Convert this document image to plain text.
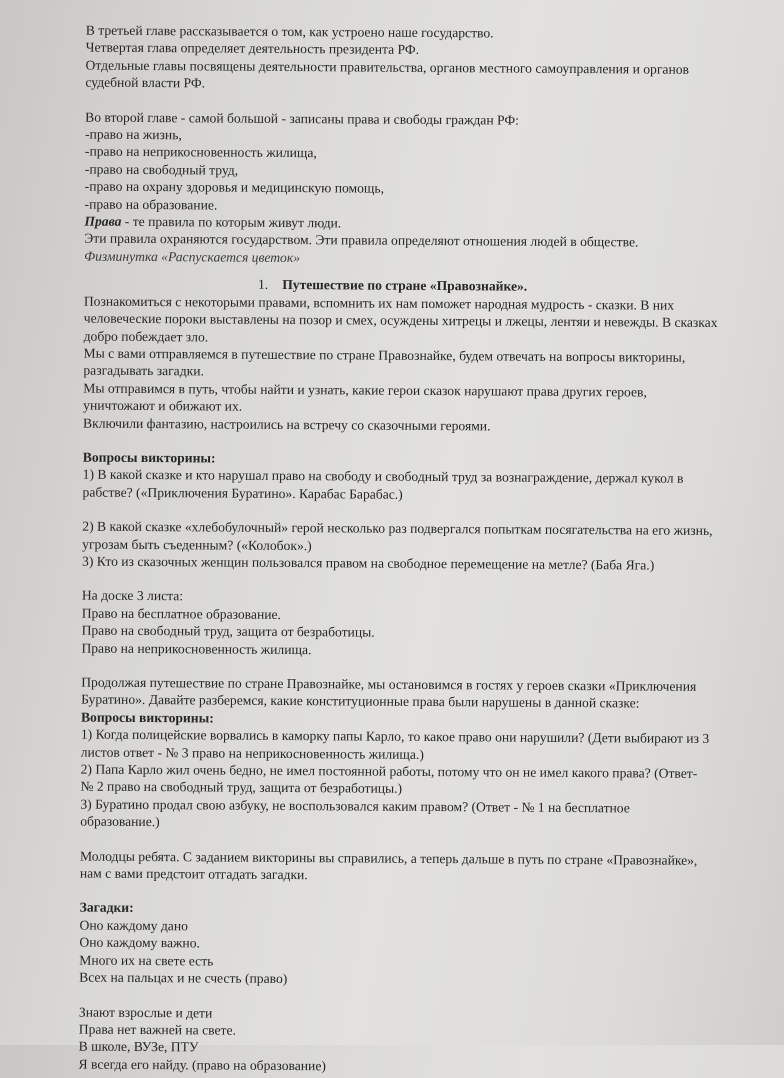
В третьей главе рассказывается о том, как устроено наше государство.
Четвертая глава определяет деятельность президента РФ.
Отдельные главы посвящены деятельности правительства, органов местного самоуправления и органов
судебной власти РФ.
Во второй главе - самой большой - записаны права и свободы граждан РФ:
-право на жизнь,
-право на неприкосновенность жилища,
-право на свободный труд,
-право на охрану здоровья и медицинскую помощь,
-право на образование.
Права - те правила по которым живут люди.
Эти правила охраняются государством. Эти правила определяют отношения людей в обществе.
Физминутка «Распускается цветок»
1. Путешествие по стране «Правознайке».
Познакомиться с некоторыми правами, вспомнить их нам поможет народная мудрость - сказки. В них
человеческие пороки выставлены на позор и смех, осуждены хитрецы и лжецы, лентяи и невежды. В сказках
добро побеждает зло.
Мы с вами отправляемся в путешествие по стране Правознайке, будем отвечать на вопросы викторины,
разгадывать загадки.
Мы отправимся в путь, чтобы найти и узнать, какие герои сказок нарушают права других героев,
уничтожают и обижают их.
Включили фантазию, настроились на встречу со сказочными героями.
Вопросы викторины:
1) В какой сказке и кто нарушал право на свободу и свободный труд за вознаграждение, держал кукол в
рабстве? («Приключения Буратино». Карабас Барабас.)
2) В какой сказке «хлебобулочный» герой несколько раз подвергался попыткам посягательства на его жизнь,
угрозам быть съеденным? («Колобок».)
3) Кто из сказочных женщин пользовался правом на свободное перемещение на метле? (Баба Яга.)
На доске 3 листа:
Право на бесплатное образование.
Право на свободный труд, защита от безработицы.
Право на неприкосновенность жилища.
Продолжая путешествие по стране Правознайке, мы остановимся в гостях у героев сказки «Приключения
Буратино». Давайте разберемся, какие конституционные права были нарушены в данной сказке:
Вопросы викторины:
1) Когда полицейские ворвались в каморку папы Карло, то какое право они нарушили? (Дети выбирают из 3
листов ответ - № 3 право на неприкосновенность жилища.)
2) Папа Карло жил очень бедно, не имел постоянной работы, потому что он не имел какого права? (Ответ-
№ 2 право на свободный труд, защита от безработицы.)
3) Буратино продал свою азбуку, не воспользовался каким правом? (Ответ - № 1 на бесплатное
образование.)
Молодцы ребята. С заданием викторины вы справились, а теперь дальше в путь по стране «Правознайке»,
нам с вами предстоит отгадать загадки.
Загадки:
Оно каждому дано
Оно каждому важно.
Много их на свете есть
Всех на пальцах и не счесть (право)
Знают взрослые и дети
Права нет важней на свете.
В школе, ВУЗе, ПТУ
Я всегда его найду. (право на образование)
